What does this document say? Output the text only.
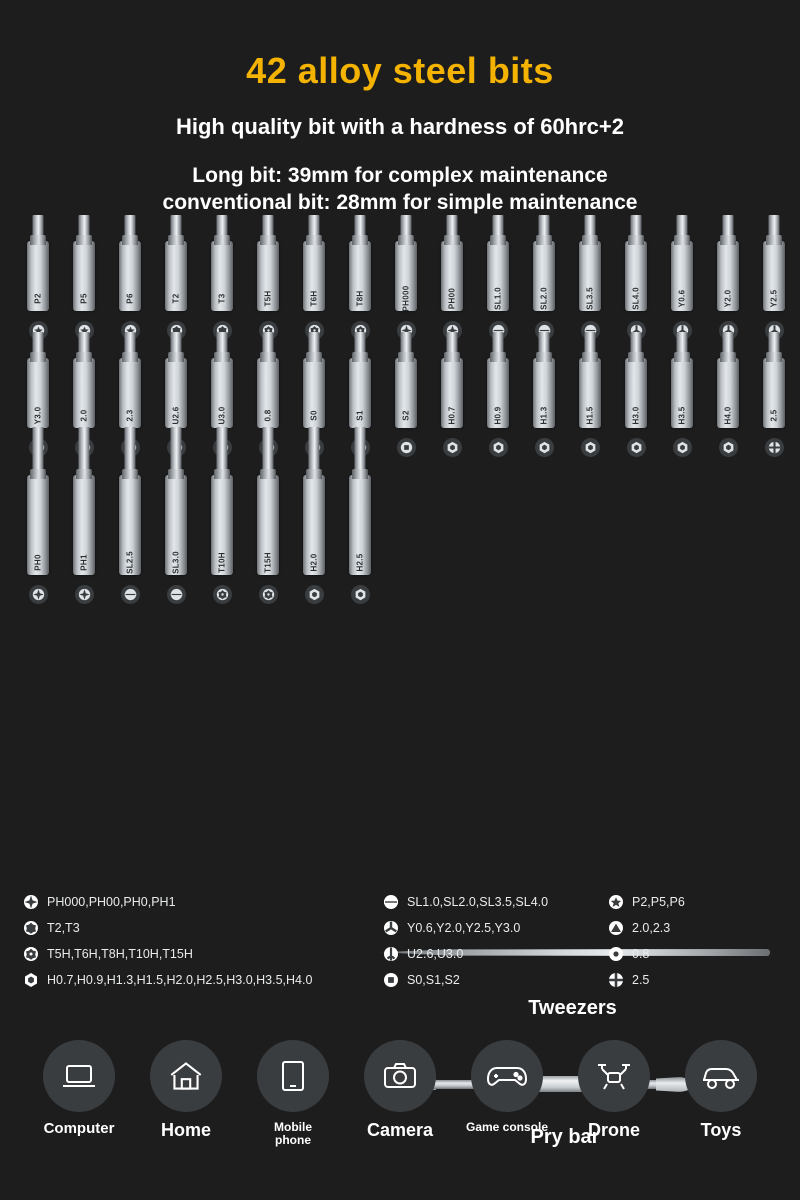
42 alloy steel bits
High quality bit with a hardness of 60hrc+2
Long bit: 39mm for complex maintenance
conventional bit: 28mm for simple maintenance
P2	P5	P6	T2	T3	T5H	T6H	T8H	PH000	PH00	SL1.0	SL2.0	SL3.5	SL4.0	Y0.6	Y2.0	Y2.5
Y3.0	2.0	2.3	U2.6	U3.0	0.8	S0	S1	S2	H0.7	H0.9	H1.3	H1.5	H3.0	H3.5	H4.0	2.5
PH0	PH1	SL2.5	SL3.0	T10H	T15H	H2.0	H2.5
Tweezers
Pry bar
PH000,PH00,PH0,PH1	SL1.0,SL2.0,SL3.5,SL4.0	P2,P5,P6
T2,T3	Y0.6,Y2.0,Y2.5,Y3.0	2.0,2.3
T5H,T6H,T8H,T10H,T15H	U2.6,U3.0	0.8
H0.7,H0.9,H1.3,H1.5,H2.0,H2.5,H3.0,H3.5,H4.0	S0,S1,S2	2.5
Computer	Home	Mobile
phone
Camera	Game console Drone	Toys
